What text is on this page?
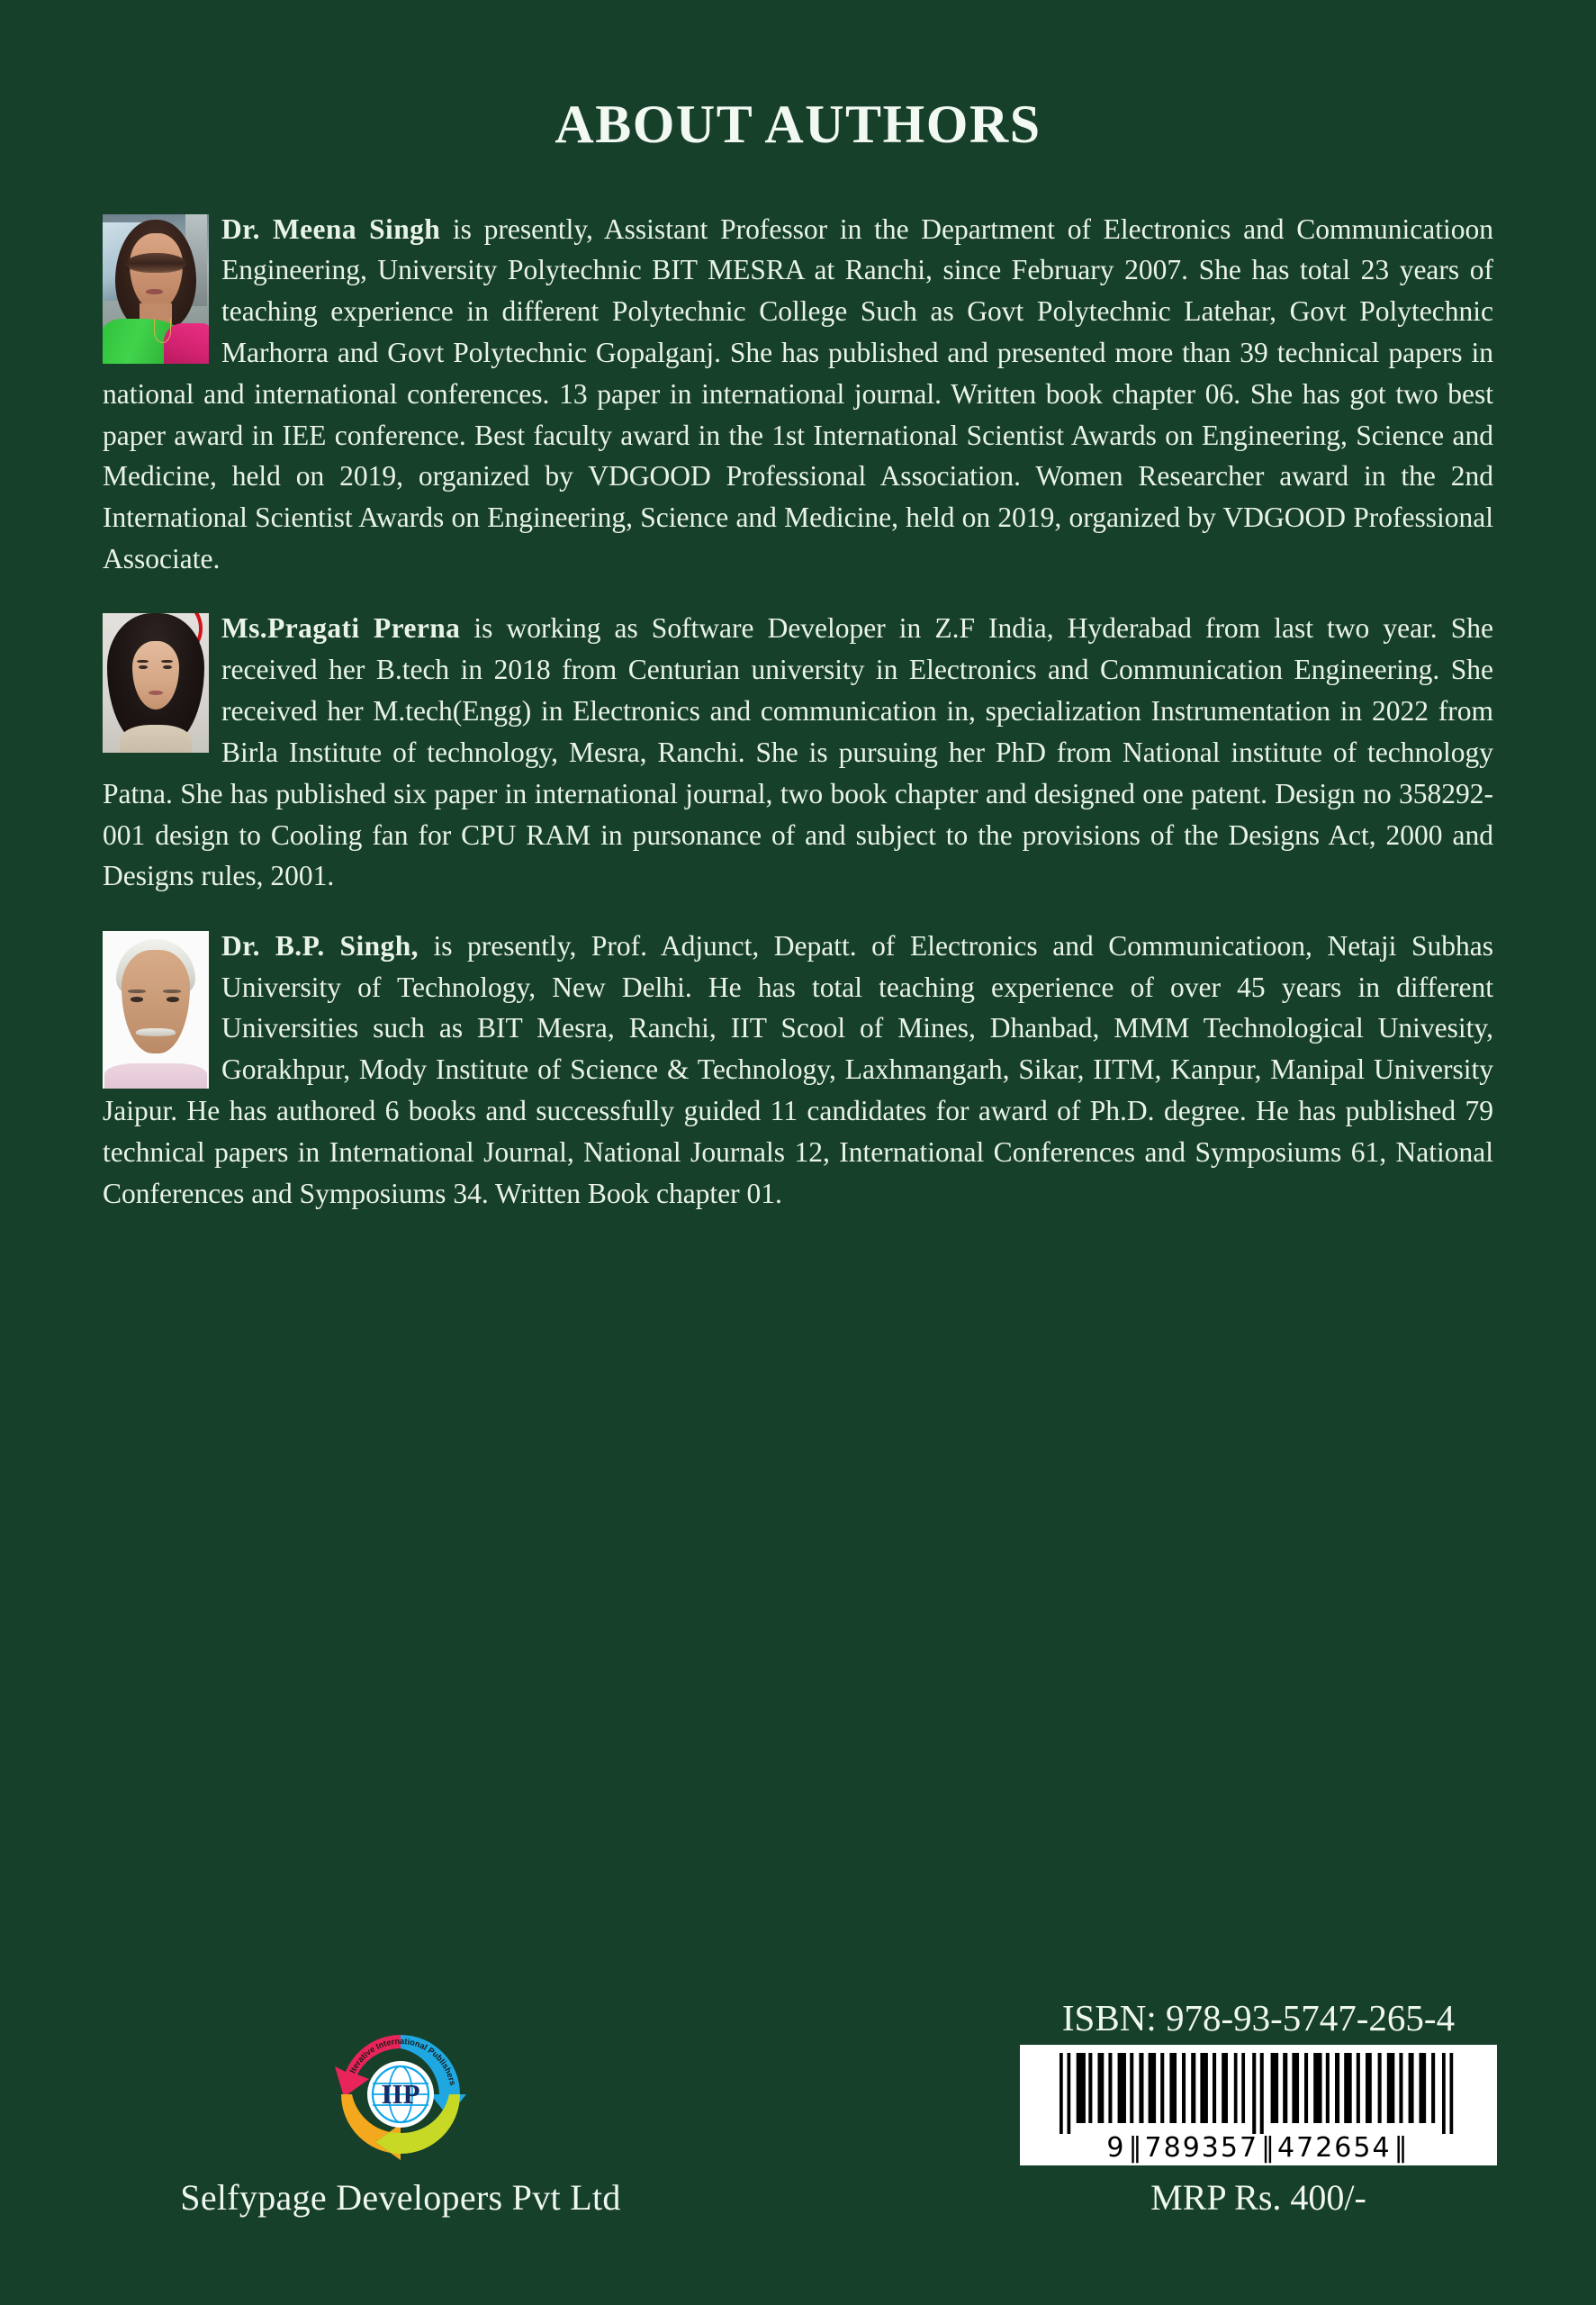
ABOUT AUTHORS

Dr. Meena Singh is presently, Assistant Professor in the Department of Electronics and Communicatioon Engineering, University Polytechnic BIT MESRA at Ranchi, since February 2007. She has total 23 years of teaching experience in different Polytechnic College Such as Govt Polytechnic Latehar, Govt Polytechnic Marhorra and Govt Polytechnic Gopalganj. She has published and presented more than 39 technical papers in national and international conferences. 13 paper in international journal. Written book chapter 06. She has got two best paper award in IEE conference. Best faculty award in the 1st International Scientist Awards on Engineering, Science and Medicine, held on 2019, organized by VDGOOD Professional Association. Women Researcher award in the 2nd International Scientist Awards on Engineering, Science and Medicine, held on 2019, organized by VDGOOD Professional Associate.

Ms.Pragati Prerna is working as Software Developer in Z.F India, Hyderabad from last two year. She received her B.tech in 2018 from Centurian university in Electronics and Communication Engineering. She received her M.tech(Engg) in Electronics and communication in, specialization Instrumentation in 2022 from Birla Institute of technology, Mesra, Ranchi. She is pursuing her PhD from National institute of technology Patna. She has published six paper in international journal, two book chapter and designed one patent. Design no 358292-001 design to Cooling fan for CPU RAM in pursonance of and subject to the provisions of the Designs Act, 2000 and Designs rules, 2001.

Dr. B.P. Singh, is presently, Prof. Adjunct, Depatt. of Electronics and Communicatioon, Netaji Subhas University of Technology, New Delhi. He has total teaching experience of over 45 years in different Universities such as BIT Mesra, Ranchi, IIT Scool of Mines, Dhanbad, MMM Technological Univesity, Gorakhpur, Mody Institute of Science & Technology, Laxhmangarh, Sikar, IITM, Kanpur, Manipal University Jaipur. He has authored 6 books and successfully guided 11 candidates for award of Ph.D. degree. He has published 79 technical papers in International Journal, National Journals 12, International Conferences and Symposiums 61, National Conferences and Symposiums 34. Written Book chapter 01.

IIP
Iterative International Publishers
Selfypage Developers Pvt Ltd
ISBN: 978-93-5747-265-4
9 ‖ 789357 ‖ 472654 ‖
MRP Rs. 400/-
